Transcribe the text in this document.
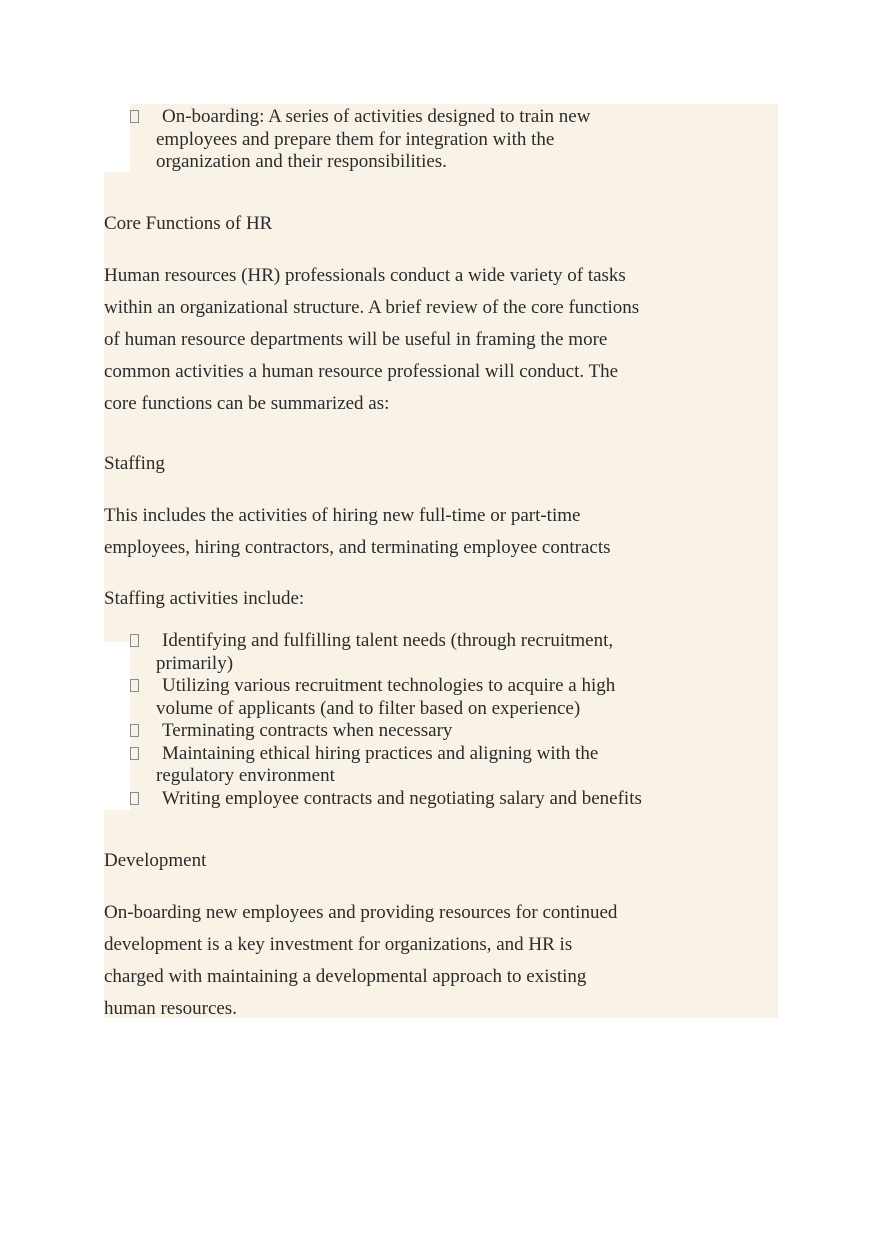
On-boarding: A series of activities designed to train new employees and prepare them for integration with the organization and their responsibilities.
Core Functions of HR

Human resources (HR) professionals conduct a wide variety of tasks within an organizational structure. A brief review of the core functions of human resource departments will be useful in framing the more common activities a human resource professional will conduct. The core functions can be summarized as:

Staffing

This includes the activities of hiring new full-time or part-time employees, hiring contractors, and terminating employee contracts

Staffing activities include:

Identifying and fulfilling talent needs (through recruitment, primarily)
Utilizing various recruitment technologies to acquire a high volume of applicants (and to filter based on experience)
Terminating contracts when necessary
Maintaining ethical hiring practices and aligning with the regulatory environment
Writing employee contracts and negotiating salary and benefits
Development

On-boarding new employees and providing resources for continued development is a key investment for organizations, and HR is charged with maintaining a developmental approach to existing human resources.
